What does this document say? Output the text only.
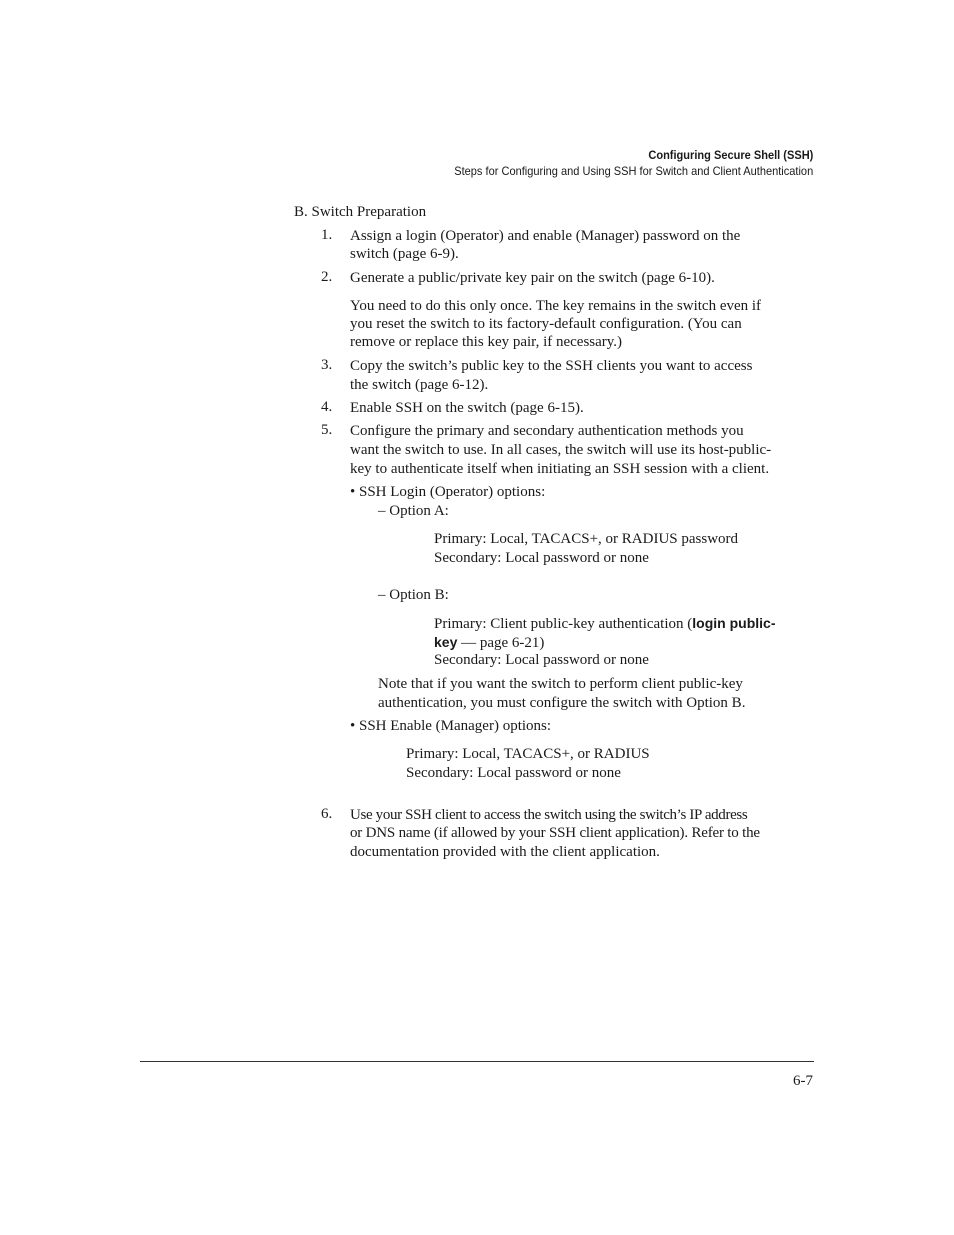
Configuring Secure Shell (SSH)
Steps for Configuring and Using SSH for Switch and Client Authentication
B. Switch Preparation
1. Assign a login (Operator) and enable (Manager) password on the
switch (page 6-9).
2. Generate a public/private key pair on the switch (page 6-10).
You need to do this only once. The key remains in the switch even if
you reset the switch to its factory-default configuration. (You can
remove or replace this key pair, if necessary.)
3. Copy the switch’s public key to the SSH clients you want to access
the switch (page 6-12).
4. Enable SSH on the switch (page 6-15).
5. Configure the primary and secondary authentication methods you
want the switch to use. In all cases, the switch will use its host-public-
key to authenticate itself when initiating an SSH session with a client.
• SSH Login (Operator) options:
– Option A:
Primary: Local, TACACS+, or RADIUS password
Secondary: Local password or none
– Option B:
Primary: Client public-key authentication (login public-
key — page 6-21)
Secondary: Local password or none
Note that if you want the switch to perform client public-key
authentication, you must configure the switch with Option B.
• SSH Enable (Manager) options:
Primary: Local, TACACS+, or RADIUS
Secondary: Local password or none
6. Use your SSH client to access the switch using the switch’s IP address
or DNS name (if allowed by your SSH client application). Refer to the
documentation provided with the client application.
6-7
